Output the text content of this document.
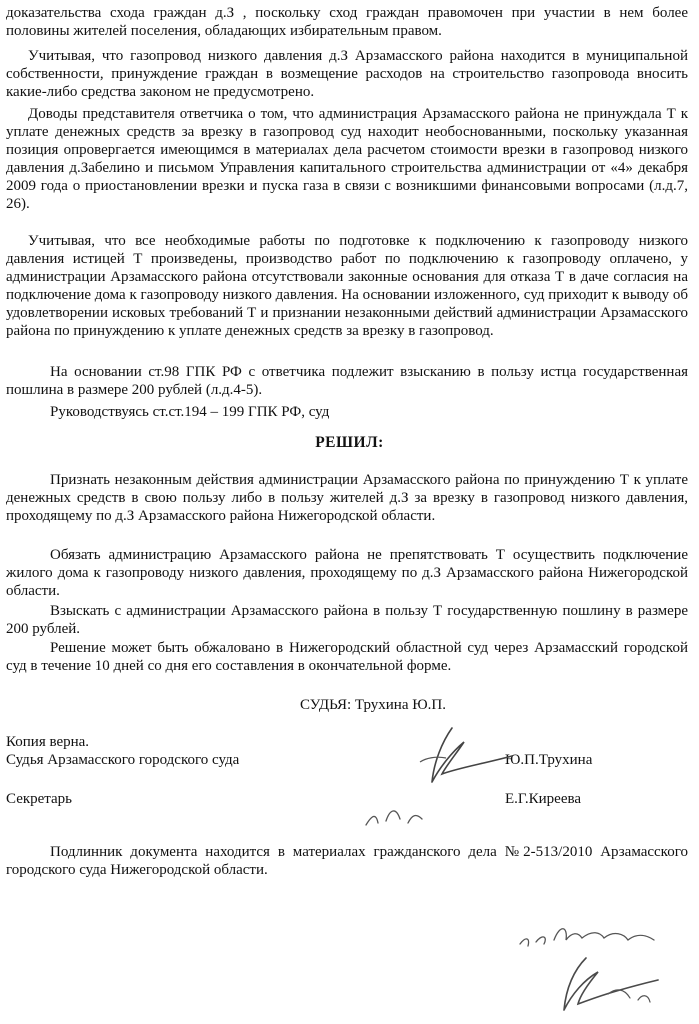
доказательства схода граждан д.З , поскольку сход граждан правомочен при участии в нем более половины жителей поселения, обладающих избирательным правом.
Учитывая, что газопровод низкого давления д.З Арзамасского района находится в муниципальной собственности, принуждение граждан в возмещение расходов на строительство газопровода вносить какие-либо средства законом не предусмотрено.
Доводы представителя ответчика о том, что администрация Арзамасского района не принуждала Т к уплате денежных средств за врезку в газопровод суд находит необоснованными, поскольку указанная позиция опровергается имеющимся в материалах дела расчетом стоимости врезки в газопровод низкого давления д.Забелино и письмом Управления капитального строительства администрации от «4» декабря 2009 года о приостановлении врезки и пуска газа в связи с возникшими финансовыми вопросами (л.д.7, 26).
Учитывая, что все необходимые работы по подготовке к подключению к газопроводу низкого давления истицей Т произведены, производство работ по подключению к газопроводу оплачено, у администрации Арзамасского района отсутствовали законные основания для отказа Т в даче согласия на подключение дома к газопроводу низкого давления. На основании изложенного, суд приходит к выводу об удовлетворении исковых требований Т и признании незаконными действий администрации Арзамасского района по принуждению к уплате денежных средств за врезку в газопровод.
На основании ст.98 ГПК РФ с ответчика подлежит взысканию в пользу истца государственная пошлина в размере 200 рублей (л.д.4-5).
Руководствуясь ст.ст.194 – 199 ГПК РФ, суд
РЕШИЛ:
Признать незаконным действия администрации Арзамасского района по принуждению Т к уплате денежных средств в свою пользу либо в пользу жителей д.З за врезку в газопровод низкого давления, проходящему по д.З Арзамасского района Нижегородской области.
Обязать администрацию Арзамасского района не препятствовать Т осуществить подключение жилого дома к газопроводу низкого давления, проходящему по д.З Арзамасского района Нижегородской области.
Взыскать с администрации Арзамасского района в пользу Т государственную пошлину в размере 200 рублей.
Решение может быть обжаловано в Нижегородский областной суд через Арзамасский городской суд в течение 10 дней со дня его составления в окончательной форме.
СУДЬЯ: Трухина Ю.П.
Копия верна.
Судья Арзамасского городского суда	Ю.П.Трухина
Секретарь	Е.Г.Киреева
Подлинник документа находится в материалах гражданского дела №2-513/2010 Арзамасского городского суда Нижегородской области.
